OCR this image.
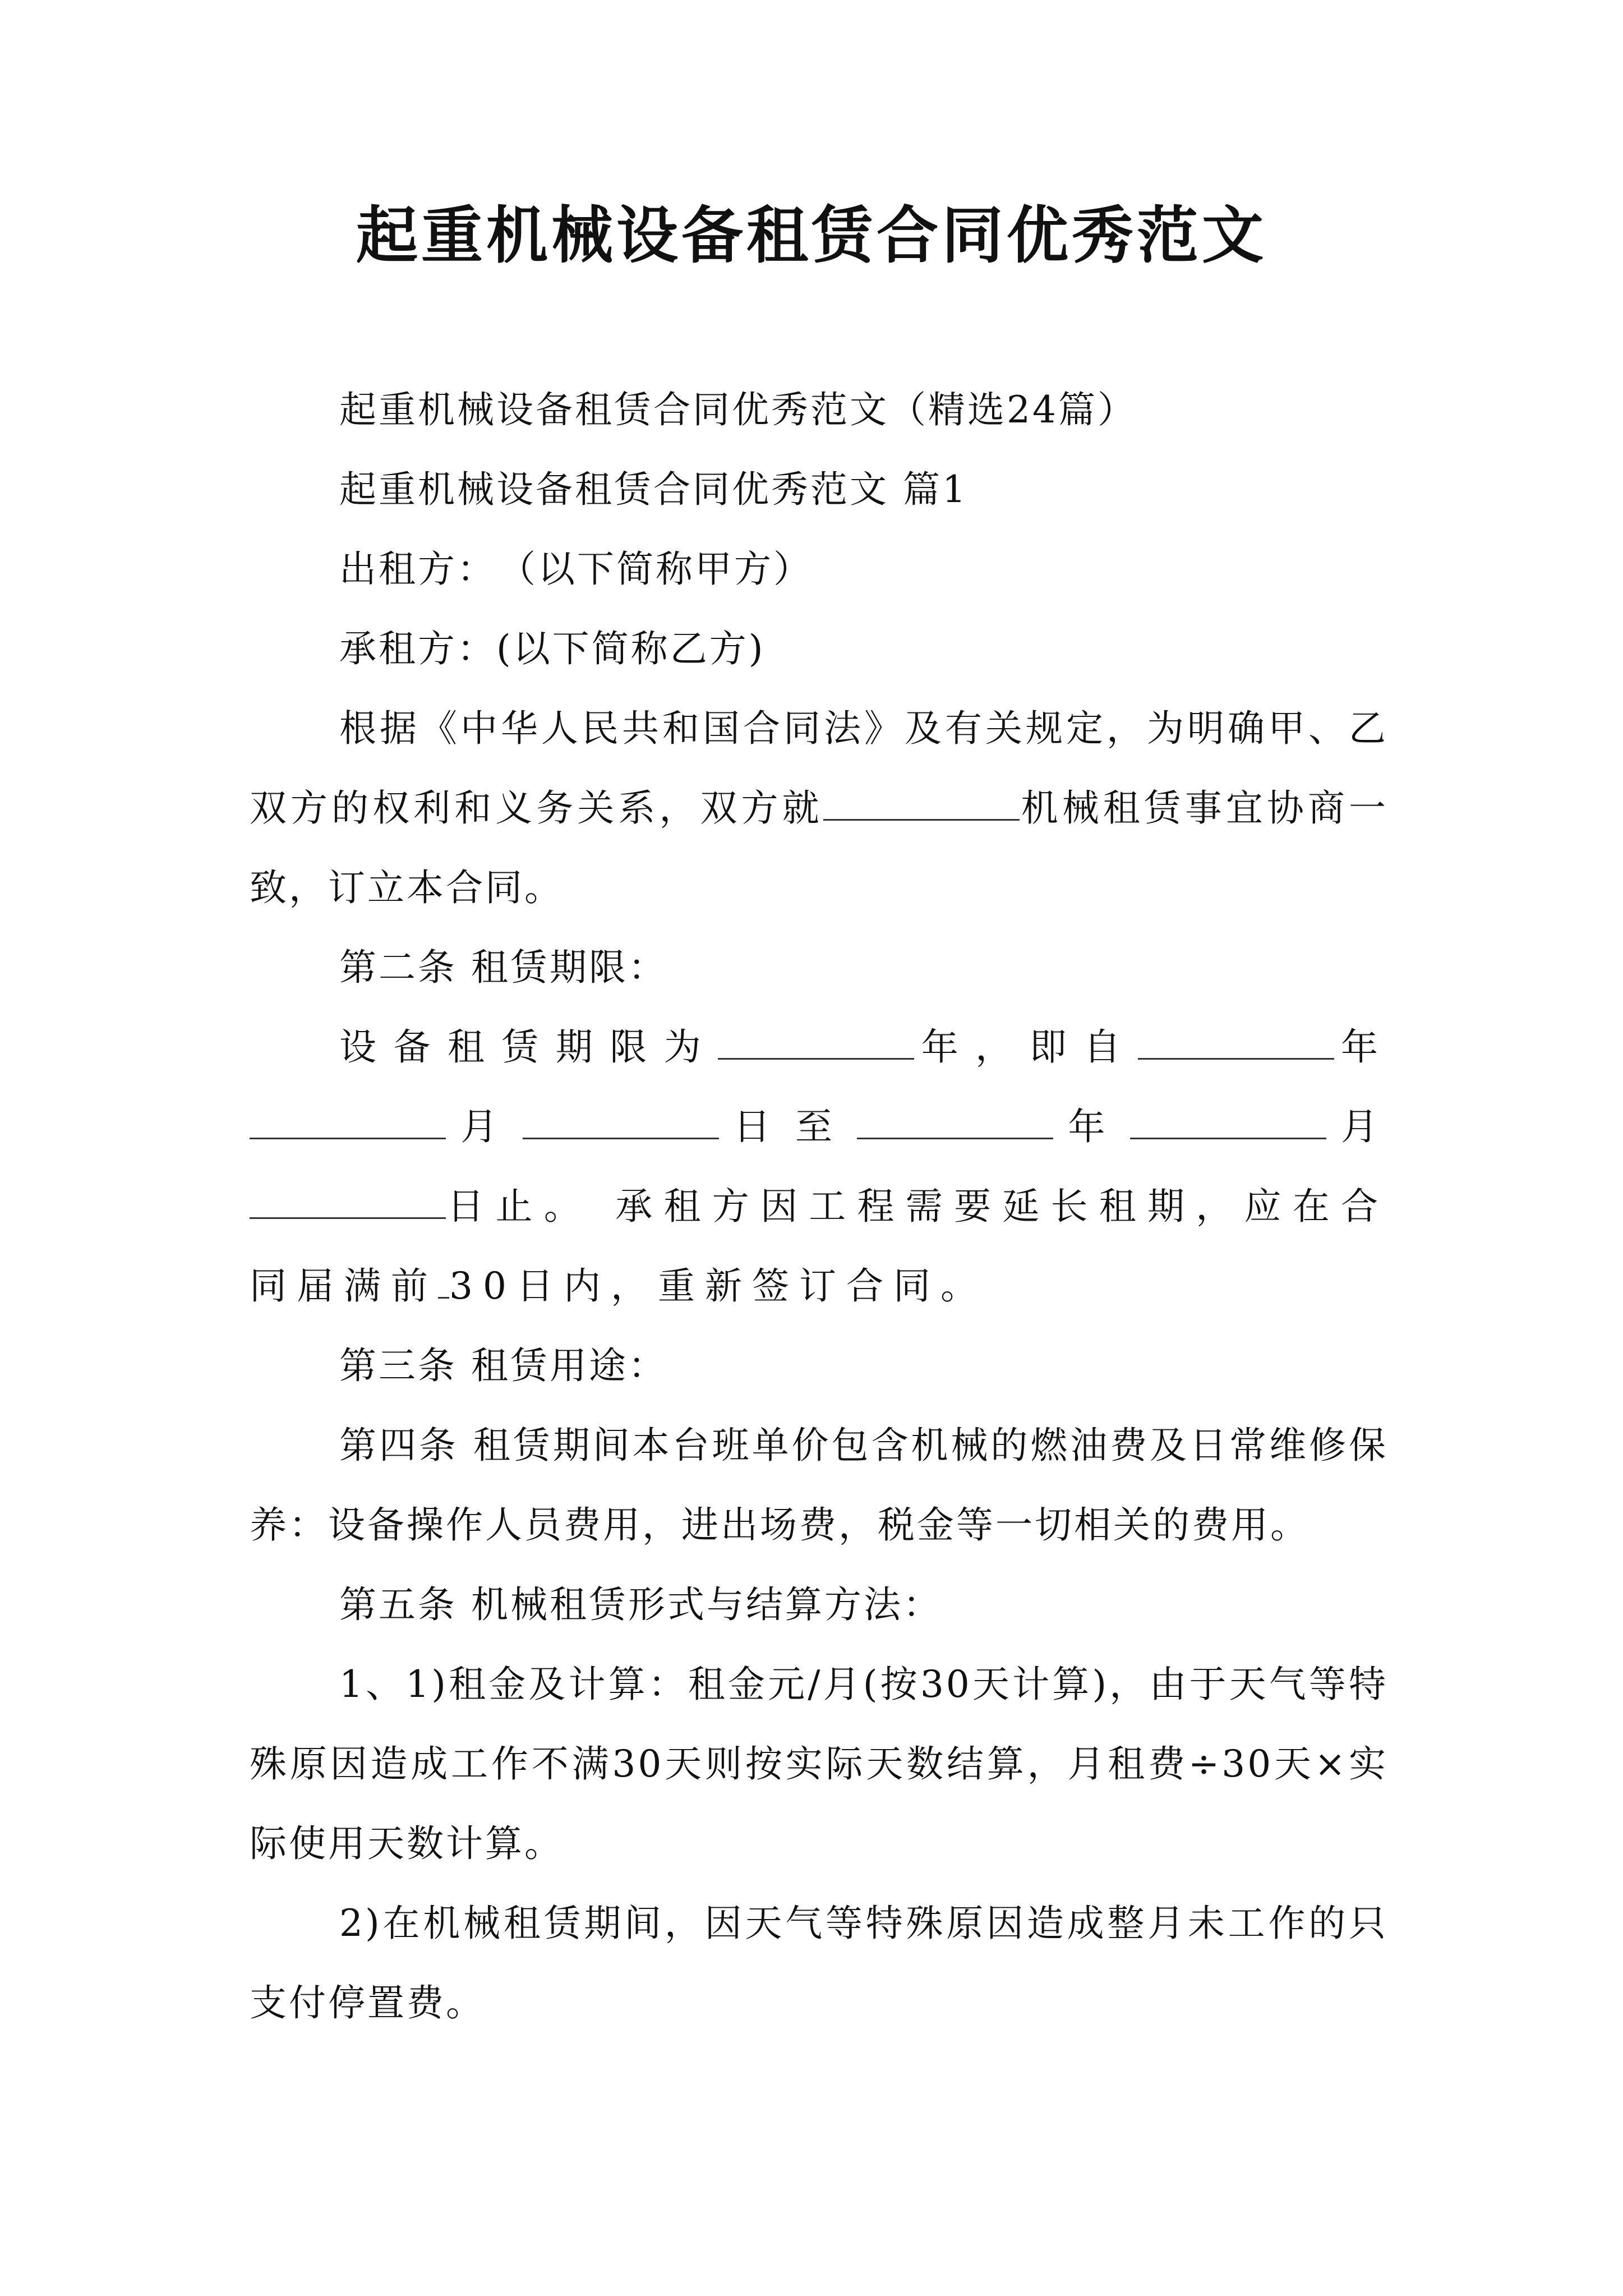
起重机械设备租赁合同优秀范文

起重机械设备租赁合同优秀范文（精选24篇）

起重机械设备租赁合同优秀范文 篇1

出租方：　（以下简称甲方）

承租方：(以下简称乙方)

根据《中华人民共和国合同法》及有关规定，为明确甲、乙双方的权利和义务关系，双方就	机械租赁事宜协商一致，订立本合同。

第二条 租赁期限：

设备租赁期限为	年，即自	年月	日至	年	月日止。 承租方因工程需要延长租期，应在合同届满前 30日内，重新签订合同。

第三条 租赁用途：

第四条 租赁期间本台班单价包含机械的燃油费及日常维修保养：设备操作人员费用，进出场费，税金等一切相关的费用。

第五条 机械租赁形式与结算方法：

1、1)租金及计算：租金元/月(按30天计算)，由于天气等特殊原因造成工作不满30天则按实际天数结算，月租费÷30天×实际使用天数计算。

2)在机械租赁期间，因天气等特殊原因造成整月未工作的只支付停置费。
